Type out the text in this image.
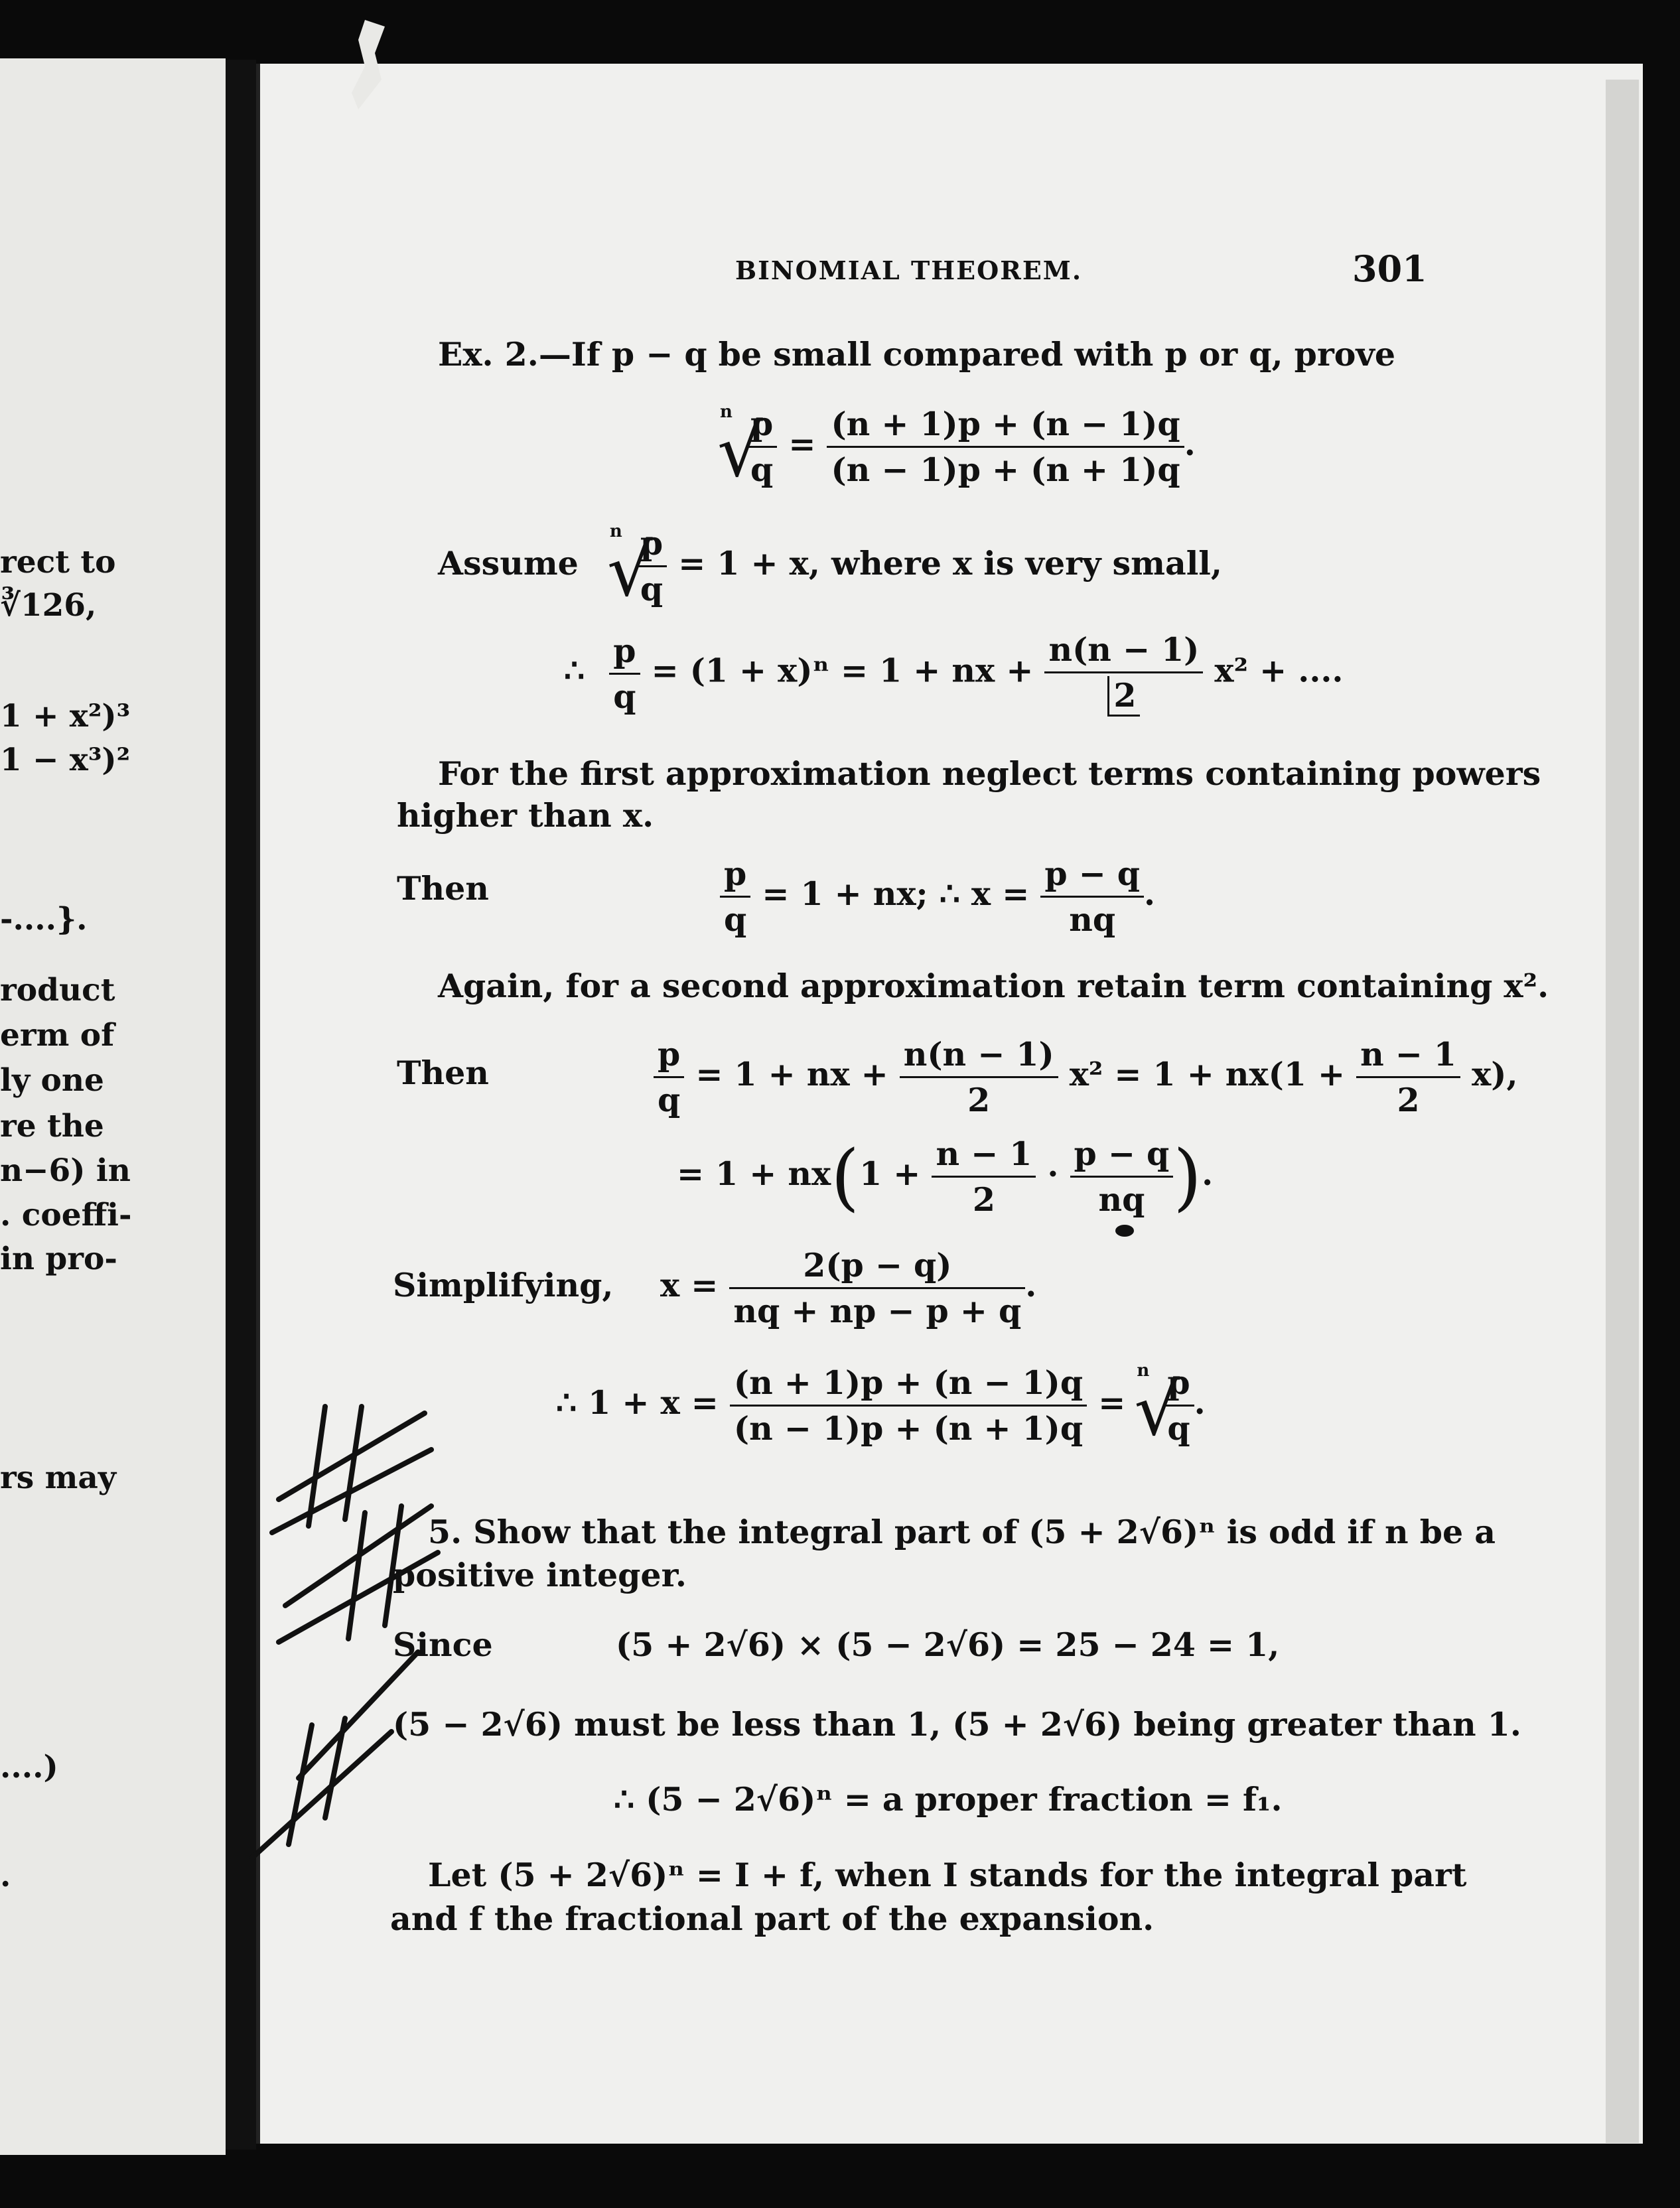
rect to
∛126,
1 + x²)³
1 − x³)²
-....}.
roduct
erm of
ly one
re the
n−6) in
. coeffi-
in pro-
rs may
....)
.
BINOMIAL THEOREM.	301
Ex. 2.—If p − q be small compared with p or q, prove
√ n $\frac{p}{q} = \frac{(n + 1)p + (n - 1)q}{(n - 1)p + (n + 1)q}$ .
Assume
√ n $\frac{p}{q} = 1 + x$, where x is very small,
∴ $\frac{p}{q} = (1 + x)^n = 1$ + nx + $\frac{n(n - 1)}{2} x^2$ + ....
For the first approximation neglect terms containing powers
higher than x.
Then	$\frac{p}{q} = 1$ + nx; ∴ $x = \frac{p - q}{nq}$ .
Again, for a second approximation retain term containing x².
Then	$\frac{p}{q} = 1$ + nx + $\frac{n(n - 1)}{2} x^2 = 1 + nx(1 + \frac{n - 1}{2} x)$,
= $1 + nx(1 + \frac{n - 1}{2} \cdot \frac{p - q}{nq}$ ).
Simplifying, $x = \frac{2(p - q)}{nq + np - p + q}$ .
∴ $1 + x = \frac{(n + 1)p + (n - 1)q}{(n - 1)p + (n + 1)q}$ =
√ n $\frac{p}{q}$ .
5. Show that the integral part of (5 + 2√6)ⁿ is odd if n be a
positive integer.
Since	(5 + 2√6) × (5 − 2√6) = 25 − 24 = 1,
(5 − 2√6) must be less than 1, (5 + 2√6) being greater than 1.
∴ (5 − 2√6)ⁿ = a proper fraction = f₁.
Let (5 + 2√6)ⁿ = I + f, when I stands for the integral part
and f the fractional part of the expansion.
